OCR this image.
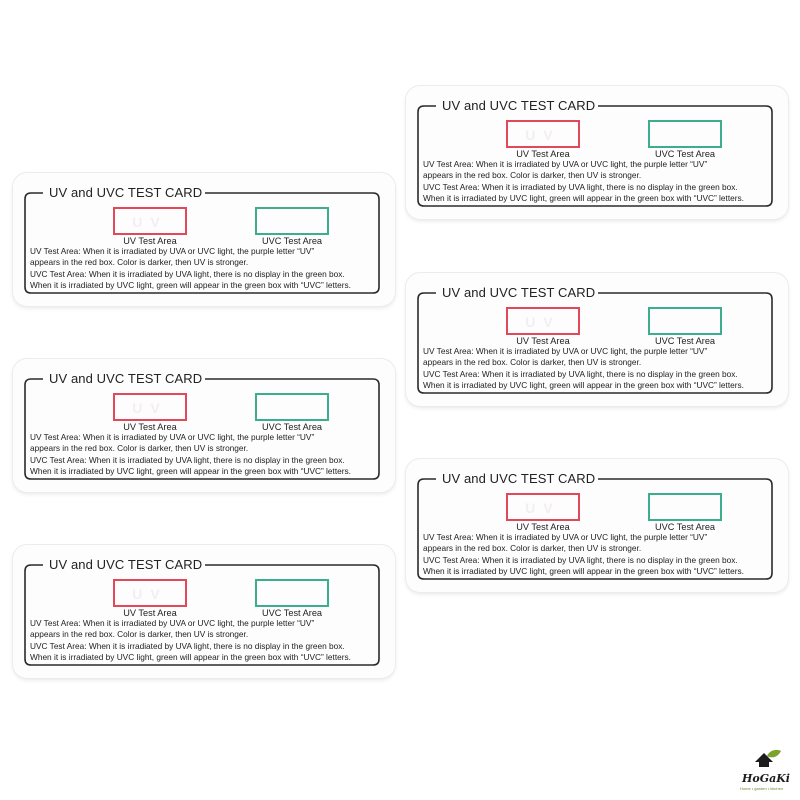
UV and UVC TEST CARD
UV
UV Test Area	UVC Test Area
UV Test Area: When it is irradiated by UVA or UVC light, the purple letter “UV”
appears in the red box. Color is darker, then UV is stronger.
UVC Test Area: When it is irradiated by UVA light, there is no display in the green box.
When it is irradiated by UVC light, green will appear in the green box with “UVC” letters.
UV and UVC TEST CARD
UV
UV Test Area	UVC Test Area
UV Test Area: When it is irradiated by UVA or UVC light, the purple letter “UV”
appears in the red box. Color is darker, then UV is stronger.
UVC Test Area: When it is irradiated by UVA light, there is no display in the green box.
When it is irradiated by UVC light, green will appear in the green box with “UVC” letters.
UV and UVC TEST CARD
UV
UV Test Area	UVC Test Area
UV Test Area: When it is irradiated by UVA or UVC light, the purple letter “UV”
appears in the red box. Color is darker, then UV is stronger.
UVC Test Area: When it is irradiated by UVA light, there is no display in the green box.
When it is irradiated by UVC light, green will appear in the green box with “UVC” letters.
UV and UVC TEST CARD
UV
UV Test Area	UVC Test Area
UV Test Area: When it is irradiated by UVA or UVC light, the purple letter “UV”
appears in the red box. Color is darker, then UV is stronger.
UVC Test Area: When it is irradiated by UVA light, there is no display in the green box.
When it is irradiated by UVC light, green will appear in the green box with “UVC” letters.
UV and UVC TEST CARD
UV
UV Test Area	UVC Test Area
UV Test Area: When it is irradiated by UVA or UVC light, the purple letter “UV”
appears in the red box. Color is darker, then UV is stronger.
UVC Test Area: When it is irradiated by UVA light, there is no display in the green box.
When it is irradiated by UVC light, green will appear in the green box with “UVC” letters.
UV and UVC TEST CARD
UV
UV Test Area	UVC Test Area
UV Test Area: When it is irradiated by UVA or UVC light, the purple letter “UV”
appears in the red box. Color is darker, then UV is stronger.
UVC Test Area: When it is irradiated by UVA light, there is no display in the green box.
When it is irradiated by UVC light, green will appear in the green box with “UVC” letters.
HoGaKi
Home • garden • kitchen
